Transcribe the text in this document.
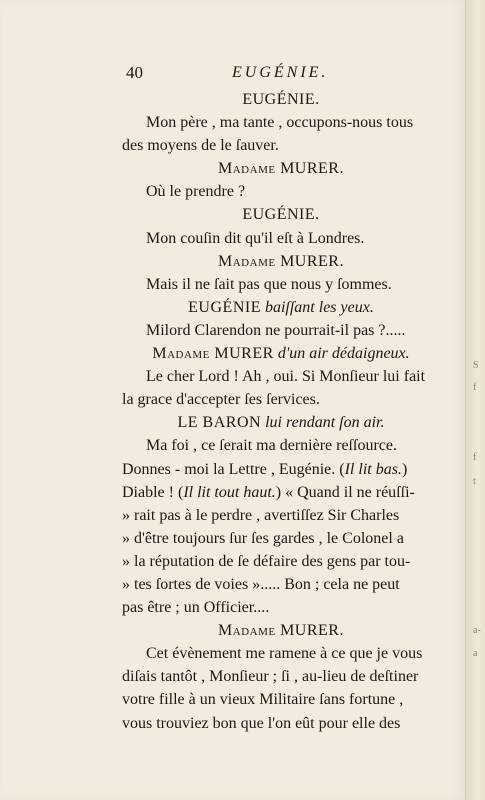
40	EUGÉNIE.
EUGÉNIE.
Mon père , ma tante , occupons-nous tous
des moyens de le ſauver.
Madame MURER.
Où le prendre ?
EUGÉNIE.
Mon couſin dit qu'il eſt à Londres.
Madame MURER.
Mais il ne ſait pas que nous y ſommes.
EUGÉNIE baiſſant les yeux.
Milord Clarendon ne pourrait-il pas ?.....
Madame MURER d'un air dédaigneux.
Le cher Lord ! Ah , oui. Si Monſieur lui fait
la grace d'accepter ſes ſervices.
LE BARON lui rendant ſon air.
Ma foi , ce ſerait ma dernière reſſource.
Donnes - moi la Lettre , Eugénie. (Il lit bas.)
Diable ! (Il lit tout haut.) « Quand il ne réuſſi-
» rait pas à le perdre , avertiſſez Sir Charles
» d'être toujours ſur ſes gardes , le Colonel a
» la réputation de ſe défaire des gens par tou-
» tes ſortes de voies »..... Bon ; cela ne peut
pas être ; un Officier....
Madame MURER.
Cet évènement me ramene à ce que je vous
diſais tantôt , Monſieur ; ſi , au-lieu de deſtiner
votre fille à un vieux Militaire ſans fortune ,
vous trouviez bon que l'on eût pour elle des
S
f
f
t
a-
a
